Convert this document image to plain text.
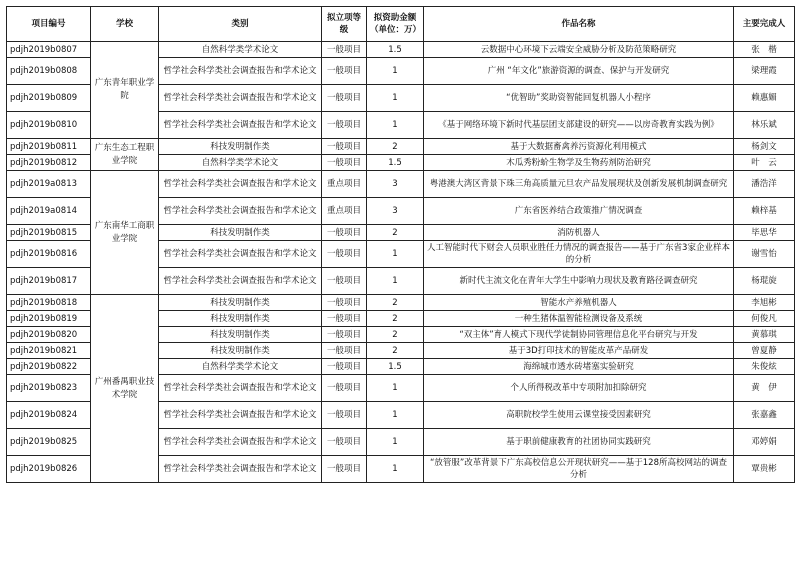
项目编号	学校	类别	拟立项等级	拟资助金额（单位：万）	作品名称	主要完成人
pdjh2019b0807	广东青年职业学院	自然科学类学术论文	一般项目	1.5	云数据中心环境下云端安全威胁分析及防范策略研究	张　楷
pdjh2019b0808		哲学社会科学类社会调查报告和学术论文	一般项目	1	广州 “年文化”旅游资源的调查、保护与开发研究	梁理霞
pdjh2019b0809		哲学社会科学类社会调查报告和学术论文	一般项目	1	“优智助”奖助资智能回复机器人小程序	赖惠媚
pdjh2019b0810		哲学社会科学类社会调查报告和学术论文	一般项目	1	《基于网络环境下新时代基层团支部建设的研究——以房奇教育实践为例》	林乐斌
pdjh2019b0811	广东生态工程职业学院	科技发明制作类	一般项目	2	基于大数据畜禽养污资源化利用模式	杨剑文
pdjh2019b0812		自然科学类学术论文	一般项目	1.5	木瓜秀粉蚧生物学及生物药剂防治研究	叶　云
pdjh2019a0813	广东南华工商职业学院	哲学社会科学类社会调查报告和学术论文	重点项目	3	粤港澳大湾区背景下珠三角高质量元旦农产品发展现状及创新发展机制调查研究	潘浩洋
pdjh2019a0814		哲学社会科学类社会调查报告和学术论文	重点项目	3	广东省医养结合政策推广情况调查	赖梓基
pdjh2019b0815		科技发明制作类	一般项目	2	消防机器人	毕思华
pdjh2019b0816		哲学社会科学类社会调查报告和学术论文	一般项目	1	人工智能时代下财会人员职业胜任力情况的调查报告——基于广东省3家企业样本的分析	谢雪怡
pdjh2019b0817		哲学社会科学类社会调查报告和学术论文	一般项目	1	新时代主流文化在青年大学生中影响力现状及教育路径调查研究	杨琨旋
pdjh2019b0818	广州番禺职业技术学院	科技发明制作类	一般项目	2	智能水产养殖机器人	李旭彬
pdjh2019b0819		科技发明制作类	一般项目	2	一种生猪体温智能检测设备及系统	何俊凡
pdjh2019b0820		科技发明制作类	一般项目	2	“双主体”育人模式下现代学徒制协同管理信息化平台研究与开发	黄慕琪
pdjh2019b0821		科技发明制作类	一般项目	2	基于3D打印技术的智能皮革产品研发	曾夏静
pdjh2019b0822		自然科学类学术论文	一般项目	1.5	海绵城市透水砖堵塞实验研究	朱俊炫
pdjh2019b0823		哲学社会科学类社会调查报告和学术论文	一般项目	1	个人所得税改革中专项附加扣除研究	黄　伊
pdjh2019b0824		哲学社会科学类社会调查报告和学术论文	一般项目	1	高职院校学生使用云课堂接受因素研究	张嘉鑫
pdjh2019b0825		哲学社会科学类社会调查报告和学术论文	一般项目	1	基于职前健康教育的社团协同实践研究	邓婷娟
pdjh2019b0826		哲学社会科学类社会调查报告和学术论文	一般项目	1	“放管服”改革背景下广东高校信息公开现状研究——基于128所高校网站的调查分析	覃贵彬
